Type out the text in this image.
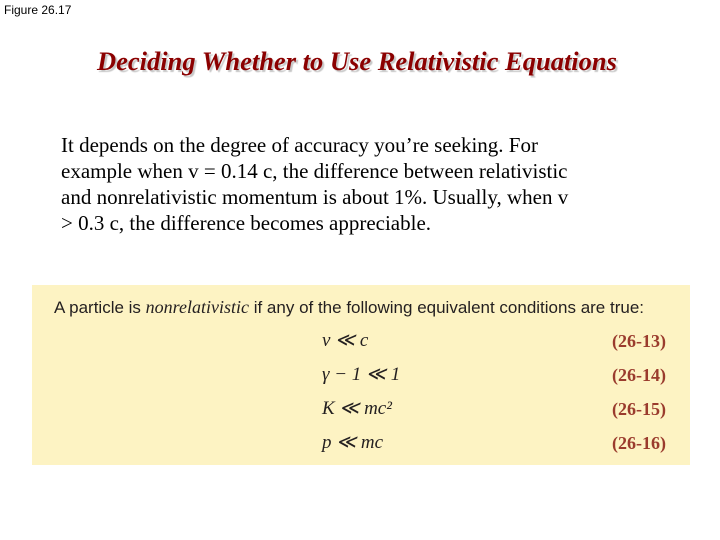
Figure 26.17
Deciding Whether to Use Relativistic Equations

It depends on the degree of accuracy you’re seeking. For
example when v = 0.14 c, the difference between relativistic
and nonrelativistic momentum is about 1%. Usually, when v
> 0.3 c, the difference becomes appreciable.

A particle is nonrelativistic if any of the following equivalent conditions are true:
v ≪ c	(26-13)
γ − 1 ≪ 1	(26-14)
K ≪ mc²	(26-15)
p ≪ mc	(26-16)
